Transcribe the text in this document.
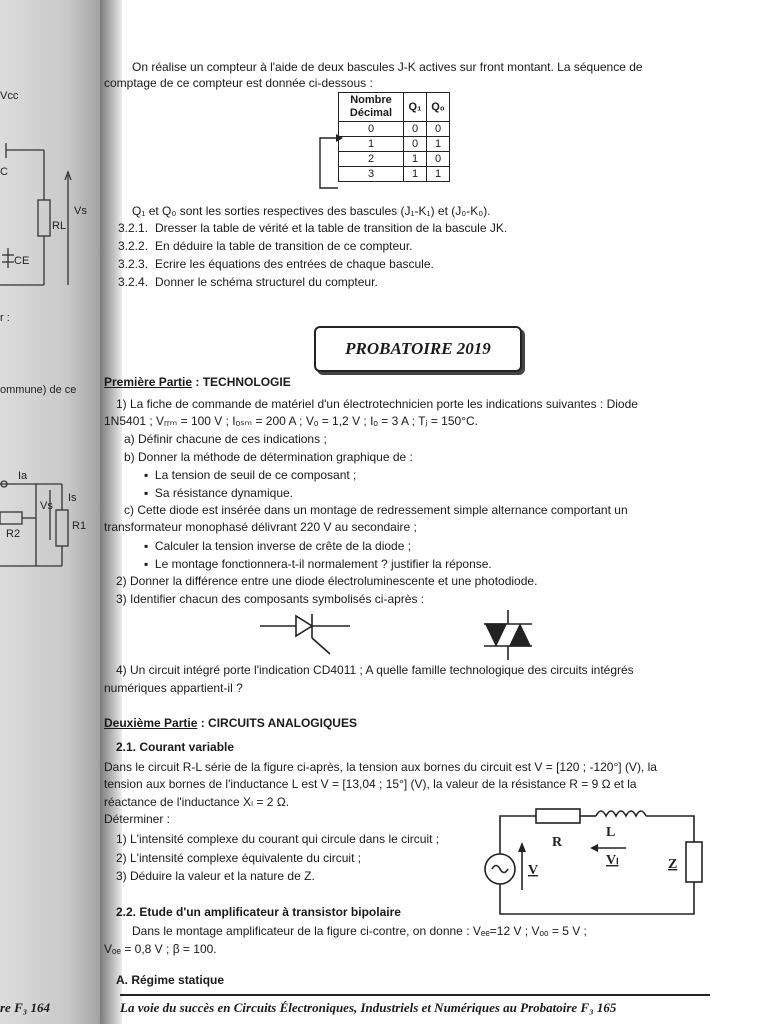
Vcc
C
RL
Vs
CE
r :
ommune) de ce
Ia
Vs
Is
R2
R1
re F₃ 164
On réalise un compteur à l'aide de deux bascules J-K actives sur front montant. La séquence de
comptage de ce compteur est donnée ci-dessous :
Nombre Décimal	Q₁	Q₀
0	0	0
1	0	1
2	1	0
3	1	1
Q₁ et Q₀ sont les sorties respectives des bascules (J₁-K₁) et (J₀-K₀).
3.2.1. Dresser la table de vérité et la table de transition de la bascule JK.
3.2.2. En déduire la table de transition de ce compteur.
3.2.3. Ecrire les équations des entrées de chaque bascule.
3.2.4. Donner le schéma structurel du compteur.
PROBATOIRE 2019
Première Partie : TECHNOLOGIE
1) La fiche de commande de matériel d'un électrotechnicien porte les indications suivantes : Diode
1N5401 ; Vᵣᵣₘ = 100 V ; Iₒₛₘ = 200 A ; Vₒ = 1,2 V ; Iₒ = 3 A ; Tⱼ = 150°C.
a) Définir chacune de ces indications ;
b) Donner la méthode de détermination graphique de :
▪  La tension de seuil de ce composant ;
▪  Sa résistance dynamique.
c) Cette diode est insérée dans un montage de redressement simple alternance comportant un
transformateur monophasé délivrant 220 V au secondaire ;
▪  Calculer la tension inverse de crête de la diode ;
▪  Le montage fonctionnera-t-il normalement ? justifier la réponse.
2) Donner la différence entre une diode électroluminescente et une photodiode.
3) Identifier chacun des composants symbolisés ci-après :
4) Un circuit intégré porte l'indication CD4011 ; A quelle famille technologique des circuits intégrés
numériques appartient-il ?
Deuxième Partie : CIRCUITS ANALOGIQUES
2.1. Courant variable
Dans le circuit R-L série de la figure ci-après, la tension aux bornes du circuit est V = [120 ; -120°] (V), la
tension aux bornes de l'inductance L est V = [13,04 ; 15°] (V), la valeur de la résistance R = 9 Ω et la
réactance de l'inductance Xₗ = 2 Ω.
Déterminer :
1) L'intensité complexe du courant qui circule dans le circuit ;
2) L'intensité complexe équivalente du circuit ;
3) Déduire la valeur et la nature de Z.
R
L
Vₗ
V	Z
2.2. Etude d'un amplificateur à transistor bipolaire
Dans le montage amplificateur de la figure ci-contre, on donne : Vₑₑ=12 V ; Vₒₒ = 5 V ;
Vₒₑ = 0,8 V ; β = 100.
A. Régime statique
La voie du succès en Circuits Électroniques, Industriels et Numériques au Probatoire F₃ 165
